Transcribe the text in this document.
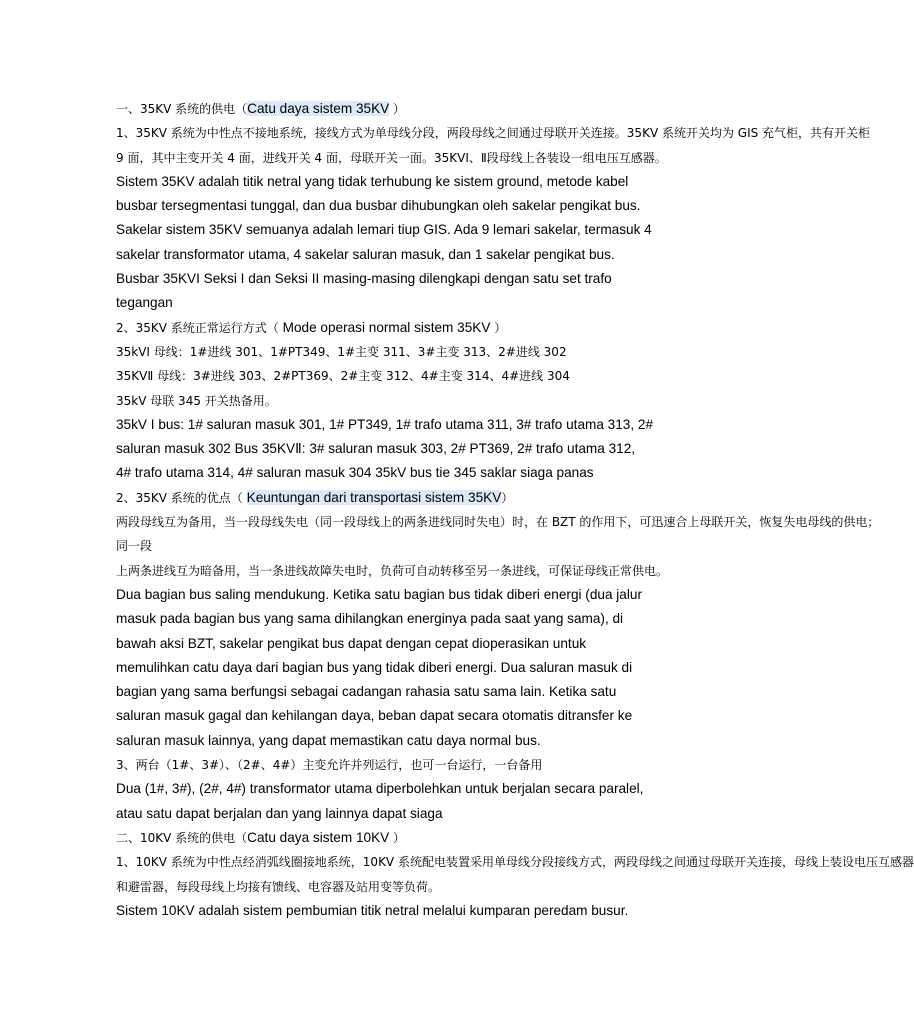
一、35KV 系统的供电（Catu daya sistem 35KV ）
1、35KV 系统为中性点不接地系统，接线方式为单母线分段，两段母线之间通过母联开关连接。35KV 系统开关均为 GIS 充气柜，共有开关柜
9 面，其中主变开关 4 面，进线开关 4 面，母联开关一面。35KVⅠ、Ⅱ段母线上各装设一组电压互感器。
Sistem 35KV adalah titik netral yang tidak terhubung ke sistem ground, metode kabel
busbar tersegmentasi tunggal, dan dua busbar dihubungkan oleh sakelar pengikat bus.
Sakelar sistem 35KV semuanya adalah lemari tiup GIS. Ada 9 lemari sakelar, termasuk 4
sakelar transformator utama, 4 sakelar saluran masuk, dan 1 sakelar pengikat bus.
Busbar 35KVI Seksi I dan Seksi II masing-masing dilengkapi dengan satu set trafo
tegangan
2、35KV 系统正常运行方式（ Mode operasi normal sistem 35KV ）
35kVⅠ 母线：1#进线 301、1#PT349、1#主变 311、3#主变 313、2#进线 302
35KVⅡ 母线：3#进线 303、2#PT369、2#主变 312、4#主变 314、4#进线 304
35kV 母联 345 开关热备用。
35kV I bus: 1# saluran masuk 301, 1# PT349, 1# trafo utama 311, 3# trafo utama 313, 2#
saluran masuk 302 Bus 35KVⅡ: 3# saluran masuk 303, 2# PT369, 2# trafo utama 312,
4# trafo utama 314, 4# saluran masuk 304 35kV bus tie 345 saklar siaga panas
2、35KV 系统的优点（ Keuntungan dari transportasi sistem 35KV）
两段母线互为备用，当一段母线失电（同一段母线上的两条进线同时失电）时，在 BZT 的作用下，可迅速合上母联开关，恢复失电母线的供电；
同一段
上两条进线互为暗备用，当一条进线故障失电时，负荷可自动转移至另一条进线，可保证母线正常供电。
Dua bagian bus saling mendukung. Ketika satu bagian bus tidak diberi energi (dua jalur
masuk pada bagian bus yang sama dihilangkan energinya pada saat yang sama), di
bawah aksi BZT, sakelar pengikat bus dapat dengan cepat dioperasikan untuk
memulihkan catu daya dari bagian bus yang tidak diberi energi. Dua saluran masuk di
bagian yang sama berfungsi sebagai cadangan rahasia satu sama lain. Ketika satu
saluran masuk gagal dan kehilangan daya, beban dapat secara otomatis ditransfer ke
saluran masuk lainnya, yang dapat memastikan catu daya normal bus.
3、两台（1#、3#）、（2#、4#）主变允许并列运行，也可一台运行，一台备用
Dua (1#, 3#), (2#, 4#) transformator utama diperbolehkan untuk berjalan secara paralel,
atau satu dapat berjalan dan yang lainnya dapat siaga
二、10KV 系统的供电（Catu daya sistem 10KV ）
1、10KV 系统为中性点经消弧线圈接地系统，10KV 系统配电装置采用单母线分段接线方式，两段母线之间通过母联开关连接，母线上装设电压互感器
和避雷器，每段母线上均接有馈线、电容器及站用变等负荷。
Sistem 10KV adalah sistem pembumian titik netral melalui kumparan peredam busur.
